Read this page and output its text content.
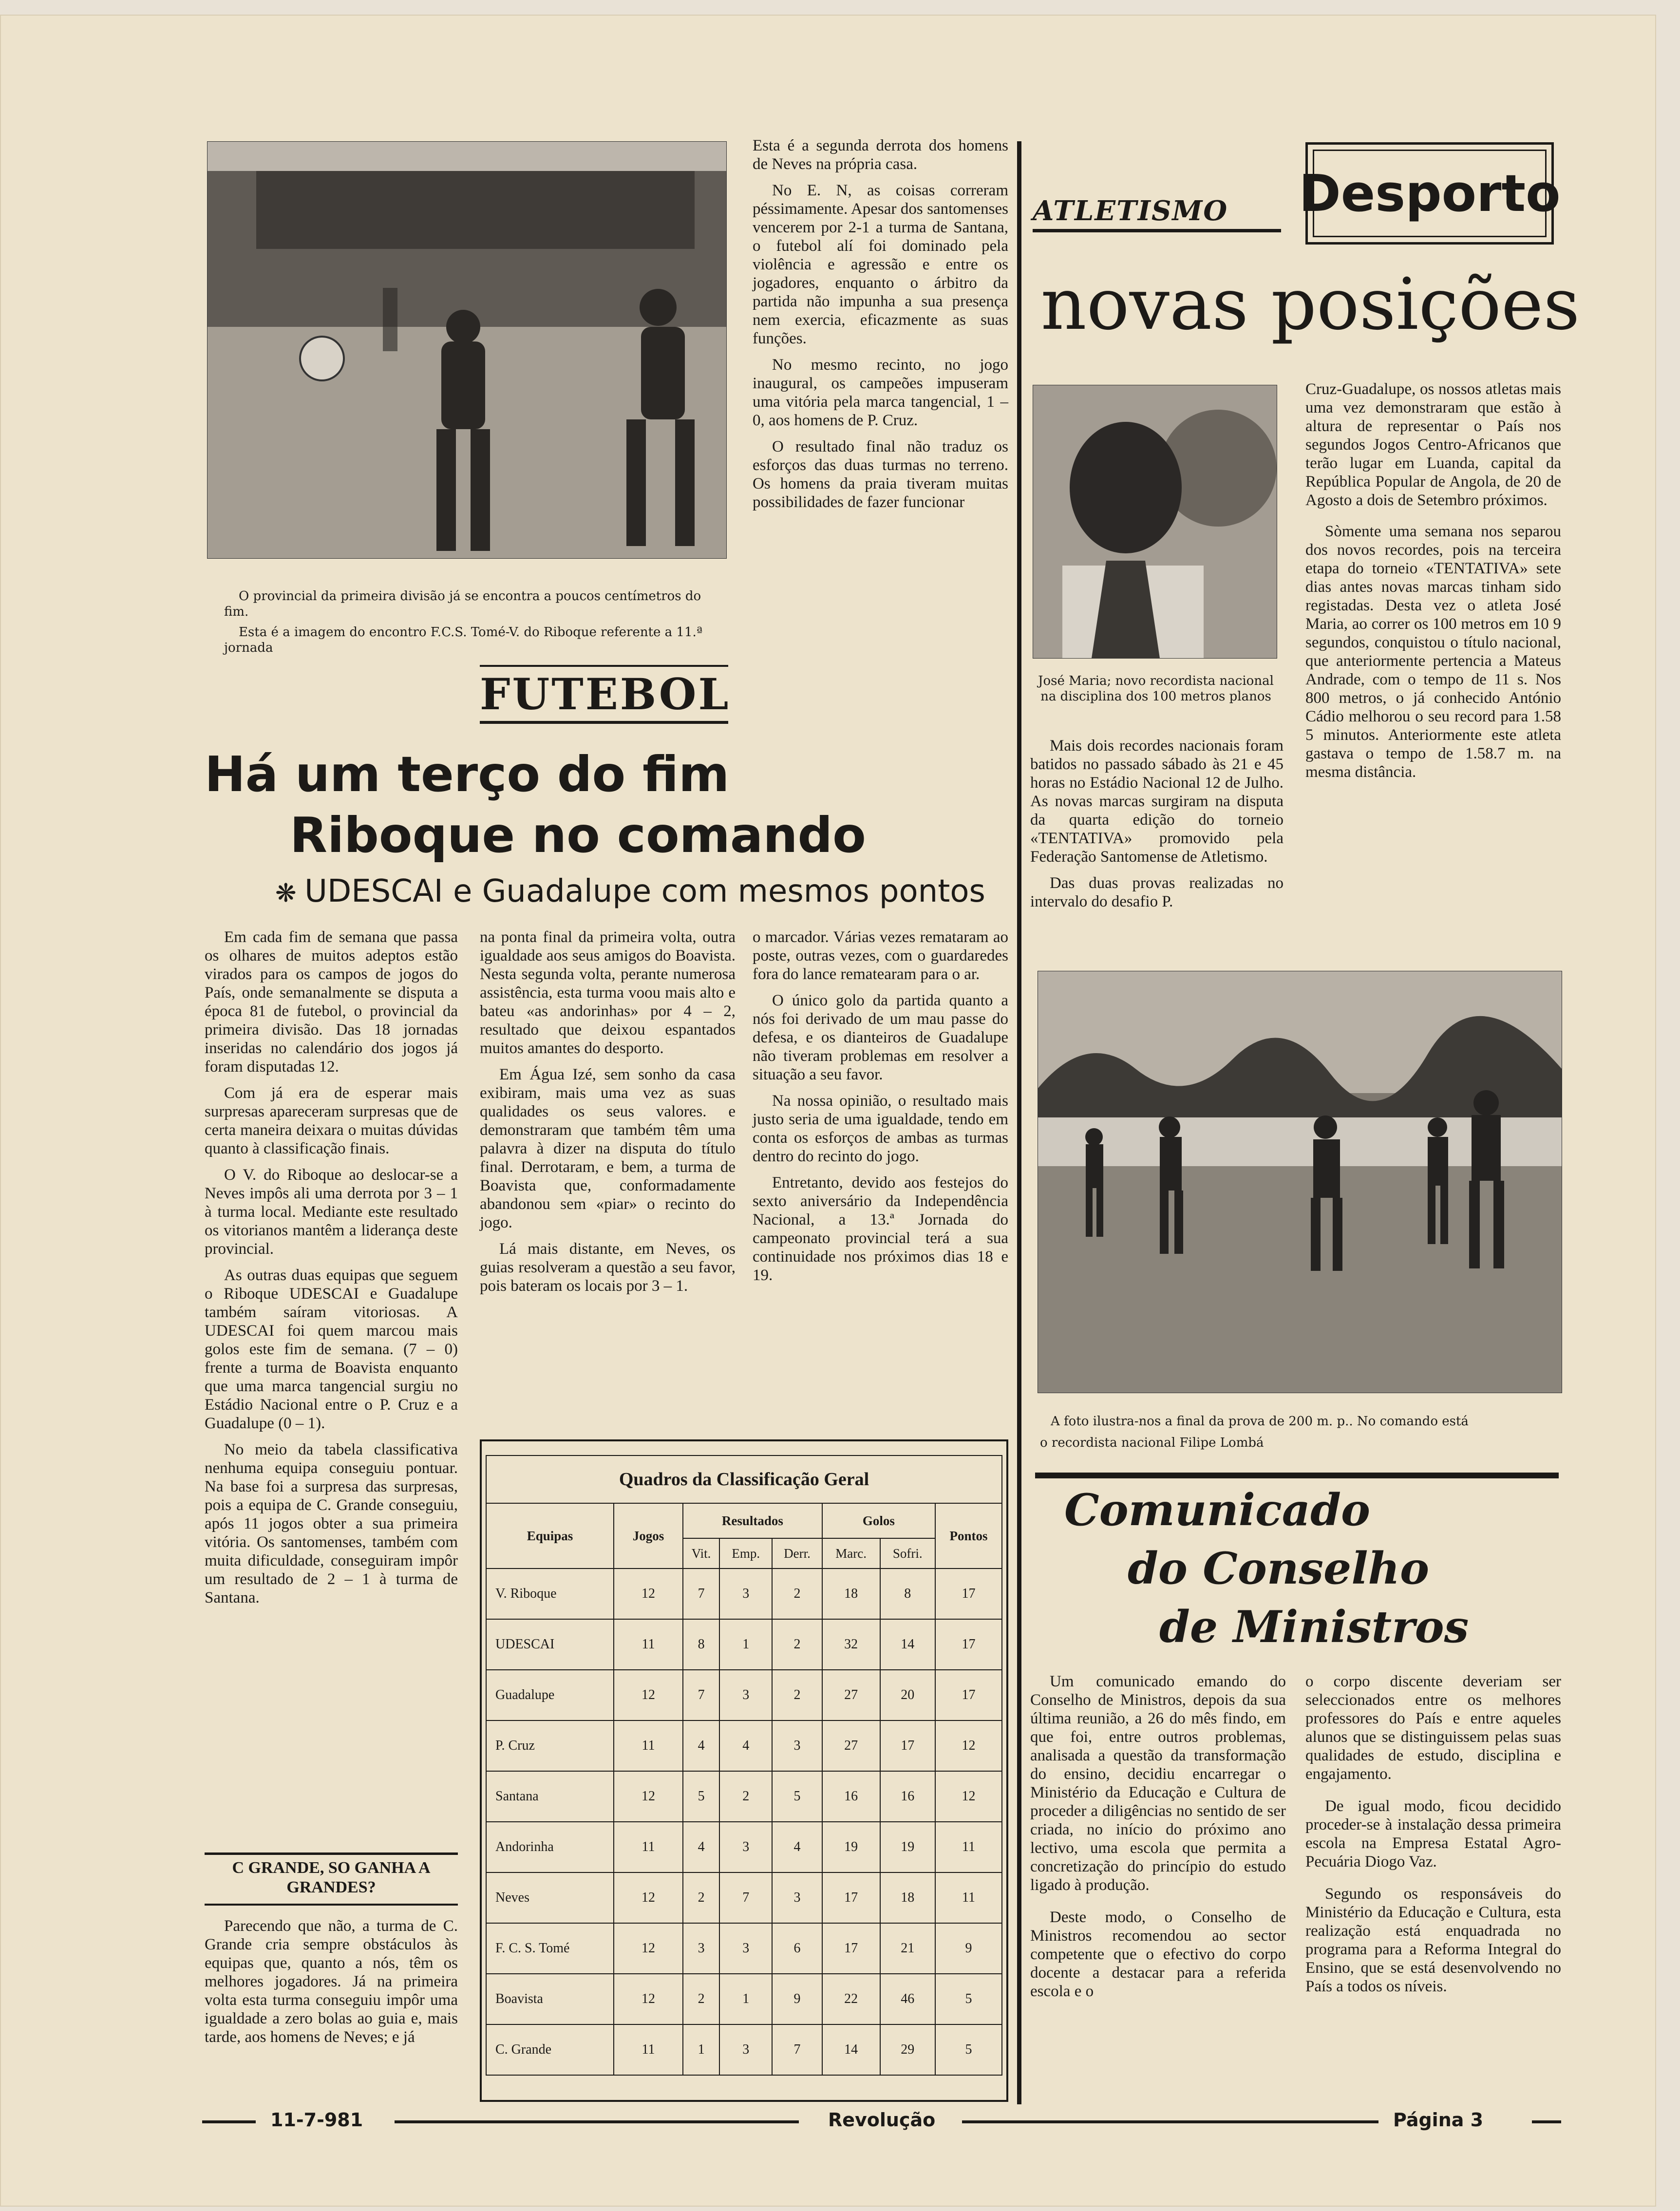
O provincial da primeira divisão já se encontra a poucos centímetros do fim.
Esta é a imagem do encontro F.C.S. Tomé-V. do Riboque referente a 11.ª jornada

Esta é a segunda derrota dos homens de Neves na própria casa.

No E. N, as coisas correram péssimamente. Apesar dos santomenses vencerem por 2-1 a turma de Santana, o futebol alí foi dominado pela violência e agressão e entre os jogadores, enquanto o árbitro da partida não impunha a sua presença nem exercia, eficazmente as suas funções.

No mesmo recinto, no jogo inaugural, os campeões impuseram uma vitória pela marca tangencial, 1 – 0, aos homens de P. Cruz.

O resultado final não traduz os esforços das duas turmas no terreno. Os homens da praia tiveram muitas possibilidades de fazer funcionar

FUTEBOL
Há um terço do fim
Riboque no comando
❋ UDESCAI e Guadalupe com mesmos pontos

Em cada fim de semana que passa os olhares de muitos adeptos estão virados para os campos de jogos do País, onde semanalmente se disputa a época 81 de futebol, o provincial da primeira divisão. Das 18 jornadas inseridas no calendário dos jogos já foram disputadas 12.

Com já era de esperar mais surpresas apareceram surpresas que de certa maneira deixara o muitas dúvidas quanto à classificação finais.

O V. do Riboque ao deslocar-se a Neves impôs ali uma derrota por 3 – 1 à turma local. Mediante este resultado os vitorianos mantêm a liderança deste provincial.

As outras duas equipas que seguem o Riboque UDESCAI e Guadalupe também saíram vitoriosas. A UDESCAI foi quem marcou mais golos este fim de semana. (7 – 0) frente a turma de Boavista enquanto que uma marca tangencial surgiu no Estádio Nacional entre o P. Cruz e a Guadalupe (0 – 1).

No meio da tabela classificativa nenhuma equipa conseguiu pontuar. Na base foi a surpresa das surpresas, pois a equipa de C. Grande conseguiu, após 11 jogos obter a sua primeira vitória. Os santomenses, também com muita dificuldade, conseguiram impôr um resultado de 2 – 1 à turma de Santana.

C GRANDE, SO GANHA A GRANDES?

Parecendo que não, a turma de C. Grande cria sempre obstáculos às equipas que, quanto a nós, têm os melhores jogadores. Já na primeira volta esta turma conseguiu impôr uma igualdade a zero bolas ao guia e, mais tarde, aos homens de Neves; e já

na ponta final da primeira volta, outra igualdade aos seus amigos do Boavista. Nesta segunda volta, perante numerosa assistência, esta turma voou mais alto e bateu «as andorinhas» por 4 – 2, resultado que deixou espantados muitos amantes do desporto.

Em Água Izé, sem sonho da casa exibiram, mais uma vez as suas qualidades os seus valores. e demonstraram que também têm uma palavra à dizer na disputa do título final. Derrotaram, e bem, a turma de Boavista que, conformadamente abandonou sem «piar» o recinto do jogo.

Lá mais distante, em Neves, os guias resolveram a questão a seu favor, pois bateram os locais por 3 – 1.

o marcador. Várias vezes remataram ao poste, outras vezes, com o guardaredes fora do lance rematearam para o ar.

O único golo da partida quanto a nós foi derivado de um mau passe do defesa, e os dianteiros de Guadalupe não tiveram problemas em resolver a situação a seu favor.

Na nossa opinião, o resultado mais justo seria de uma igualdade, tendo em conta os esforços de ambas as turmas dentro do recinto do jogo.

Entretanto, devido aos festejos do sexto aniversário da Independência Nacional, a 13.ª Jornada do campeonato provincial terá a sua continuidade nos próximos dias 18 e 19.

Quadros da Classificação Geral							
Equipas	Jogos	Resultados			Golos		Pontos
		Vit.	Emp.	Derr.	Marc.	Sofri.	
V. Riboque	12	7	3	2	18	8	17
UDESCAI	11	8	1	2	32	14	17
Guadalupe	12	7	3	2	27	20	17
P. Cruz	11	4	4	3	27	17	12
Santana	12	5	2	5	16	16	12
Andorinha	11	4	3	4	19	19	11
Neves	12	2	7	3	17	18	11
F. C. S. Tomé	12	3	3	6	17	21	9
Boavista	12	2	1	9	22	46	5
C. Grande	11	1	3	7	14	29	5
ATLETISMO Desporto
novas posições
José Maria; novo recordista nacional na disciplina dos 100 metros planos

Mais dois recordes nacionais foram batidos no passado sábado às 21 e 45 horas no Estádio Nacional 12 de Julho. As novas marcas surgiram na disputa da quarta edição do torneio «TENTATIVA» promovido pela Federação Santomense de Atletismo.

Das duas provas realizadas no intervalo do desafio P.

Cruz-Guadalupe, os nossos atletas mais uma vez demonstraram que estão à altura de representar o País nos segundos Jogos Centro-Africanos que terão lugar em Luanda, capital da República Popular de Angola, de 20 de Agosto a dois de Setembro próximos.

Sòmente uma semana nos separou dos novos recordes, pois na terceira etapa do torneio «TENTATIVA» sete dias antes novas marcas tinham sido registadas. Desta vez o atleta José Maria, ao correr os 100 metros em 10 9 segundos, conquistou o título nacional, que anteriormente pertencia a Mateus Andrade, com o tempo de 11 s. Nos 800 metros, o já conhecido António Cádio melhorou o seu record para 1.58 5 minutos. Anteriormente este atleta gastava o tempo de 1.58.7 m. na mesma distância.

A foto ilustra-nos a final da prova de 200 m. p.. No comando está
o recordista nacional Filipe Lombá
Comunicado
do Conselho
de Ministros

Um comunicado emando do Conselho de Ministros, depois da sua última reunião, a 26 do mês findo, em que foi, entre outros problemas, analisada a questão da transformação do ensino, decidiu encarregar o Ministério da Educação e Cultura de proceder a diligências no sentido de ser criada, no início do próximo ano lectivo, uma escola que permita a concretização do princípio do estudo ligado à produção.

Deste modo, o Conselho de Ministros recomendou ao sector competente que o efectivo do corpo docente a destacar para a referida escola e o

o corpo discente deveriam ser seleccionados entre os melhores professores do País e entre aqueles alunos que se distinguissem pelas suas qualidades de estudo, disciplina e engajamento.

De igual modo, ficou decidido proceder-se à instalação dessa primeira escola na Empresa Estatal Agro-Pecuária Diogo Vaz.

Segundo os responsáveis do Ministério da Educação e Cultura, esta realização está enquadrada no programa para a Reforma Integral do Ensino, que se está desenvolvendo no País a todos os níveis.

11-7-981	Revolução	Página 3
